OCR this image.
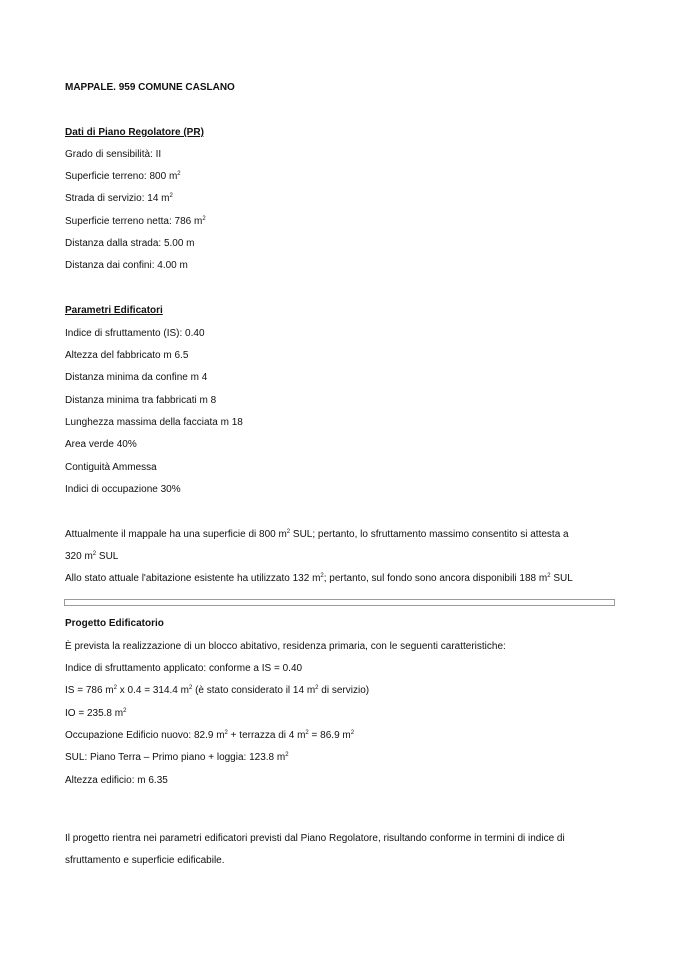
MAPPALE. 959 COMUNE CASLANO
Dati di Piano Regolatore (PR)
Grado di sensibilità: II
Superficie terreno: 800 $m^2$
Strada di servizio: 14 $m^2$
Superficie terreno netta: 786 $m^2$
Distanza dalla strada: 5.00 m
Distanza dai confini: 4.00 m
Parametri Edificatori
Indice di sfruttamento (IS): 0.40
Altezza del fabbricato m 6.5
Distanza minima da confine m 4
Distanza minima tra fabbricati m 8
Lunghezza massima della facciata m 18
Area verde 40%
Contiguità Ammessa
Indici di occupazione 30%
Attualmente il mappale ha una superficie di 800 $m^2$ SUL; pertanto, lo sfruttamento massimo consentito si attesta a
320 $m^2$ SUL
Allo stato attuale l'abitazione esistente ha utilizzato 132 $m^2$; pertanto, sul fondo sono ancora disponibili 188 $m^2$ SUL
Progetto Edificatorio
È prevista la realizzazione di un blocco abitativo, residenza primaria, con le seguenti caratteristiche:
Indice di sfruttamento applicato: conforme a IS = 0.40
IS = 786 $m^2$ x 0.4 = 314.4 $m^2$ (è stato considerato il 14 $m^2$ di servizio)
IO = 235.8 $m^2$
Occupazione Edificio nuovo: 82.9 $m^2$ + terrazza di 4 $m^2 = 86.9$ $m^2$
SUL: Piano Terra – Primo piano + loggia: 123.8 $m^2$
Altezza edificio: m 6.35
Il progetto rientra nei parametri edificatori previsti dal Piano Regolatore, risultando conforme in termini di indice di
sfruttamento e superficie edificabile.
